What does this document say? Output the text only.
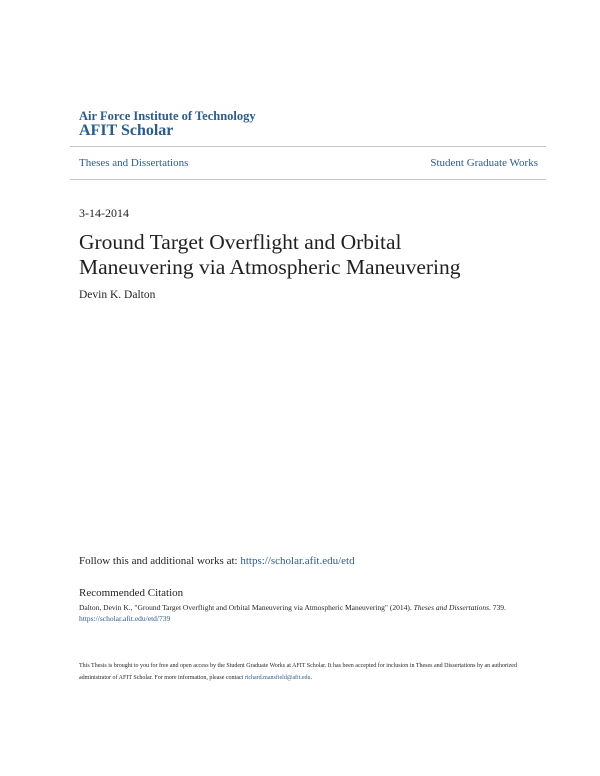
Air Force Institute of Technology
AFIT Scholar
Theses and Dissertations	Student Graduate Works
3-14-2014
Ground Target Overflight and Orbital Maneuvering via Atmospheric Maneuvering
Devin K. Dalton
Follow this and additional works at: https://scholar.afit.edu/etd
Recommended Citation
Dalton, Devin K., "Ground Target Overflight and Orbital Maneuvering via Atmospheric Maneuvering" (2014). Theses and Dissertations. 739.
https://scholar.afit.edu/etd/739
This Thesis is brought to you for free and open access by the Student Graduate Works at AFIT Scholar. It has been accepted for inclusion in Theses and Dissertations by an authorized administrator of AFIT Scholar. For more information, please contact richard.mansfield@afit.edu.
